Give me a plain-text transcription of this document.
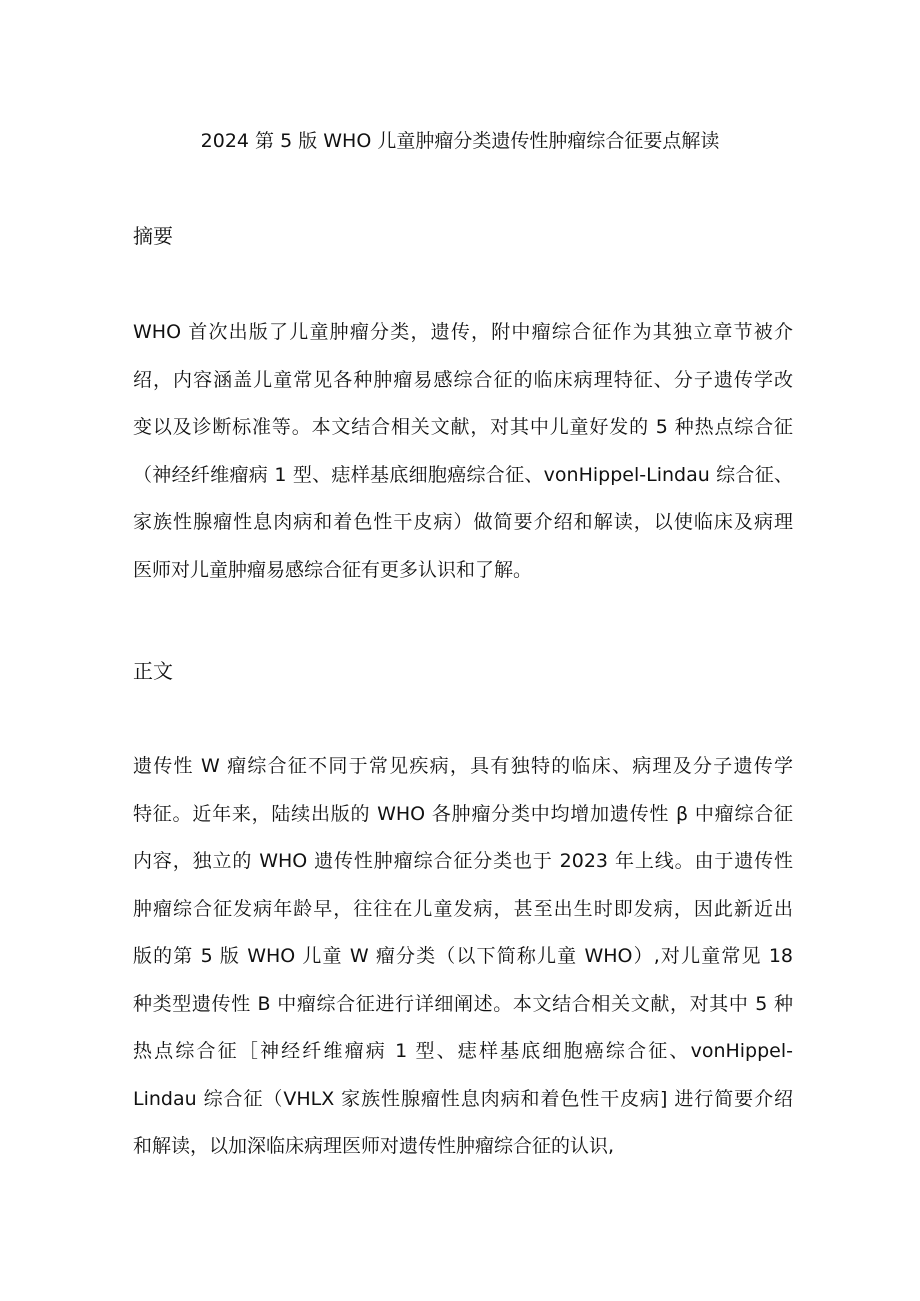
2024 第 5 版 WHO 儿童肿瘤分类遗传性肿瘤综合征要点解读
摘要
WHO 首次出版了儿童肿瘤分类，遗传，附中瘤综合征作为其独立章节被介
绍，内容涵盖儿童常见各种肿瘤易感综合征的临床病理特征、分子遗传学改
变以及诊断标准等。本文结合相关文献，对其中儿童好发的 5 种热点综合征
（神经纤维瘤病 1 型、痣样基底细胞癌综合征、vonHippel-Lindau 综合征、
家族性腺瘤性息肉病和着色性干皮病）做简要介绍和解读，以使临床及病理
医师对儿童肿瘤易感综合征有更多认识和了解。
正文
遗传性 W 瘤综合征不同于常见疾病，具有独特的临床、病理及分子遗传学
特征。近年来，陆续出版的 WHO 各肿瘤分类中均增加遗传性 β 中瘤综合征
内容，独立的 WHO 遗传性肿瘤综合征分类也于 2023 年上线。由于遗传性
肿瘤综合征发病年龄早，往往在儿童发病，甚至出生时即发病，因此新近出
版的第 5 版 WHO 儿童 W 瘤分类（以下简称儿童 WHO）,对儿童常见 18
种类型遗传性 B 中瘤综合征进行详细阐述。本文结合相关文献，对其中 5 种
热点综合征［神经纤维瘤病 1 型、痣样基底细胞癌综合征、vonHippel-
Lindau 综合征（VHLX 家族性腺瘤性息肉病和着色性干皮病] 进行简要介绍
和解读，以加深临床病理医师对遗传性肿瘤综合征的认识,
